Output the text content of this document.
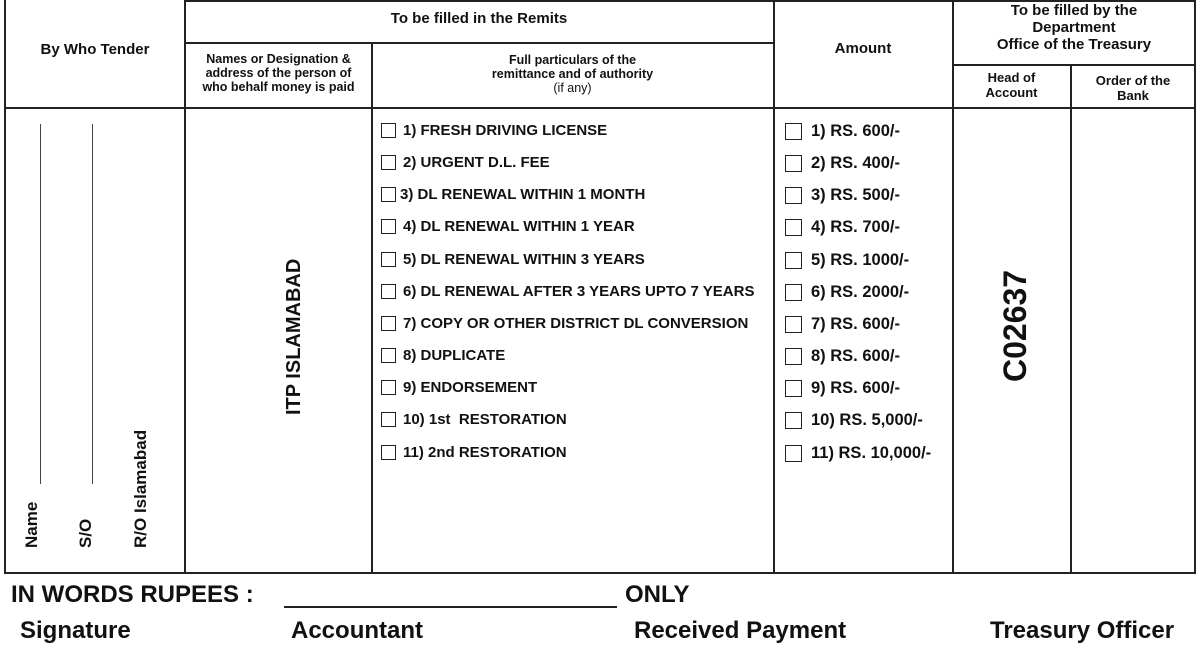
By Who Tender
To be filled in the Remits
Names or Designation &
address of the person of
who behalf money is paid
Full particulars of the
remittance and of authority
(if any)
Amount
To be filled by the
Department
Office of the Treasury
Head of
Account
Order of the
Bank
Name S/O R/O Islamabad
ITP ISLAMABAD
1) FRESH DRIVING LICENSE
2) URGENT D.L. FEE
3) DL RENEWAL WITHIN 1 MONTH
4) DL RENEWAL WITHIN 1 YEAR
5) DL RENEWAL WITHIN 3 YEARS
6) DL RENEWAL AFTER 3 YEARS UPTO 7 YEARS
7) COPY OR OTHER DISTRICT DL CONVERSION
8) DUPLICATE
9) ENDORSEMENT
10) 1st  RESTORATION
11) 2nd RESTORATION
1) RS. 600/-
2) RS. 400/-
3) RS. 500/-
4) RS. 700/-
5) RS. 1000/-
6) RS. 2000/-
7) RS. 600/-
8) RS. 600/-
9) RS. 600/-
10) RS. 5,000/-
11) RS. 10,000/-
C02637
IN WORDS RUPEES :	ONLY
Signature	Accountant	Received Payment	Treasury Officer
